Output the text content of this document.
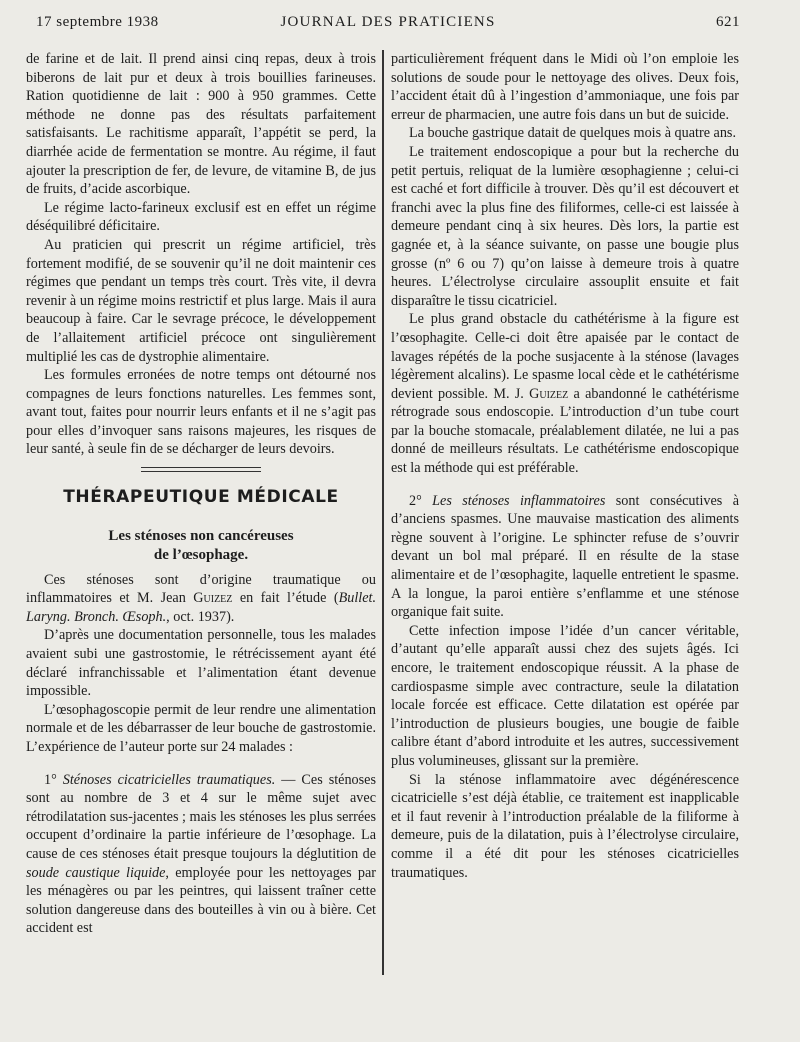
17 septembre 1938	JOURNAL DES PRATICIENS	621

de farine et de lait. Il prend ainsi cinq repas, deux à trois biberons de lait pur et deux à trois bouillies farineuses. Ration quotidienne de lait : 900 à 950 grammes. Cette méthode ne donne pas des résultats parfaitement satisfaisants. Le rachitisme apparaît, l’appétit se perd, la diarrhée acide de fermentation se montre. Au régime, il faut ajouter la prescription de fer, de levure, de vitamine B, de jus de fruits, d’acide ascorbique.

Le régime lacto-farineux exclusif est en effet un régime déséquilibré déficitaire.

Au praticien qui prescrit un régime artificiel, très fortement modifié, de se souvenir qu’il ne doit maintenir ces régimes que pendant un temps très court. Très vite, il devra revenir à un régime moins restrictif et plus large. Mais il aura beaucoup à faire. Car le sevrage précoce, le développement de l’allaitement artificiel précoce ont singulièrement multiplié les cas de dystrophie alimentaire.

Les formules erronées de notre temps ont détourné nos compagnes de leurs fonctions naturelles. Les femmes sont, avant tout, faites pour nourrir leurs enfants et il ne s’agit pas pour elles d’invoquer sans raisons majeures, les risques de leur santé, à seule fin de se décharger de leurs devoirs.

THÉRAPEUTIQUE MÉDICALE
Les sténoses non cancéreuses
de l’œsophage.

Ces sténoses sont d’origine traumatique ou inflammatoires et M. Jean Guizez en fait l’étude (Bullet. Laryng. Bronch. Œsoph., oct. 1937).

D’après une documentation personnelle, tous les malades avaient subi une gastrostomie, le rétrécissement ayant été déclaré infranchissable et l’alimentation étant devenue impossible.

L’œsophagoscopie permit de leur rendre une alimentation normale et de les débarrasser de leur bouche de gastrostomie. L’expérience de l’auteur porte sur 24 malades :

1° Sténoses cicatricielles traumatiques. — Ces sténoses sont au nombre de 3 et 4 sur le même sujet avec rétrodilatation sus-jacentes ; mais les sténoses les plus serrées occupent d’ordinaire la partie inférieure de l’œsophage. La cause de ces sténoses était presque toujours la déglutition de soude caustique liquide, employée pour les nettoyages par les ménagères ou par les peintres, qui laissent traîner cette solution dangereuse dans des bouteilles à vin ou à bière. Cet accident est

particulièrement fréquent dans le Midi où l’on emploie les solutions de soude pour le nettoyage des olives. Deux fois, l’accident était dû à l’ingestion d’ammoniaque, une fois par erreur de pharmacien, une autre fois dans un but de suicide.

La bouche gastrique datait de quelques mois à quatre ans.

Le traitement endoscopique a pour but la recherche du petit pertuis, reliquat de la lumière œsophagienne ; celui-ci est caché et fort difficile à trouver. Dès qu’il est découvert et franchi avec la plus fine des filiformes, celle-ci est laissée à demeure pendant cinq à six heures. Dès lors, la partie est gagnée et, à la séance suivante, on passe une bougie plus grosse (nº 6 ou 7) qu’on laisse à demeure trois à quatre heures. L’électrolyse circulaire assouplit ensuite et fait disparaître le tissu cicatriciel.

Le plus grand obstacle du cathétérisme à la figure est l’œsophagite. Celle-ci doit être apaisée par le contact de lavages répétés de la poche susjacente à la sténose (lavages légèrement alcalins). Le spasme local cède et le cathétérisme devient possible. M. J. Guizez a abandonné le cathétérisme rétrograde sous endoscopie. L’introduction d’un tube court par la bouche stomacale, préalablement dilatée, ne lui a pas donné de meilleurs résultats. Le cathétérisme endoscopique est la méthode qui est préférable.

2° Les sténoses inflammatoires sont consécutives à d’anciens spasmes. Une mauvaise mastication des aliments règne souvent à l’origine. Le sphincter refuse de s’ouvrir devant un bol mal préparé. Il en résulte de la stase alimentaire et de l’œsophagite, laquelle entretient le spasme. A la longue, la paroi entière s’enflamme et une sténose organique fait suite.

Cette infection impose l’idée d’un cancer véritable, d’autant qu’elle apparaît aussi chez des sujets âgés. Ici encore, le traitement endoscopique réussit. A la phase de cardiospasme simple avec contracture, seule la dilatation locale forcée est efficace. Cette dilatation est opérée par l’introduction de plusieurs bougies, une bougie de faible calibre étant d’abord introduite et les autres, successivement plus volumineuses, glissant sur la première.

Si la sténose inflammatoire avec dégénérescence cicatricielle s’est déjà établie, ce traitement est inapplicable et il faut revenir à l’introduction préalable de la filiforme à demeure, puis de la dilatation, puis à l’électrolyse circulaire, comme il a été dit pour les sténoses cicatricielles traumatiques.
